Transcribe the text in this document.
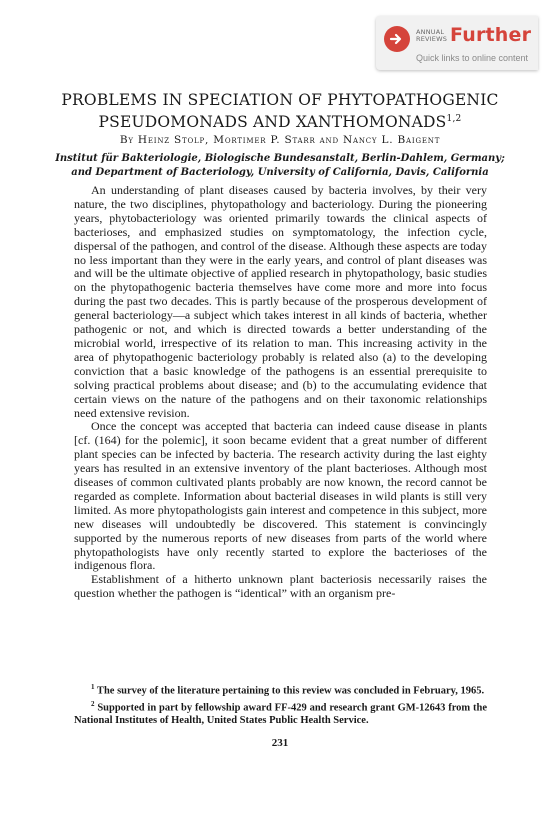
ANNUAL
REVIEWS Further
Quick links to online content
PROBLEMS IN SPECIATION OF PHYTOPATHOGENIC
PSEUDOMONADS AND XANTHOMONADS$^{1,2}$
By Heinz Stolp, Mortimer P. Starr and Nancy L. Baigent
Institut für Bakteriologie, Biologische Bundesanstalt, Berlin-Dahlem, Germany;
and Department of Bacteriology, University of California, Davis, California

An understanding of plant diseases caused by bacteria involves, by their very nature, the two disciplines, phytopathology and bacteriology. During the pioneering years, phytobacteriology was oriented primarily towards the clinical aspects of bacterioses, and emphasized studies on symptomatology, the infection cycle, dispersal of the pathogen, and control of the disease. Although these aspects are today no less important than they were in the early years, and control of plant diseases was and will be the ultimate objective of applied research in phytopathology, basic studies on the phytopathogenic bacteria themselves have come more and more into focus during the past two decades. This is partly because of the prosperous development of general bacteriology—a subject which takes interest in all kinds of bacteria, whether pathogenic or not, and which is directed towards a better understanding of the microbial world, irrespective of its relation to man. This increasing activity in the area of phytopathogenic bacteriology probably is related also (a) to the developing conviction that a basic knowledge of the pathogens is an essential prerequisite to solving practical problems about disease; and (b) to the accumulating evidence that certain views on the nature of the pathogens and on their taxonomic relationships need extensive revision.

Once the concept was accepted that bacteria can indeed cause disease in plants [cf. (164) for the polemic], it soon became evident that a great number of different plant species can be infected by bacteria. The research activity during the last eighty years has resulted in an extensive inventory of the plant bacterioses. Although most diseases of common cultivated plants probably are now known, the record cannot be regarded as complete. Information about bacterial diseases in wild plants is still very limited. As more phytopathologists gain interest and competence in this subject, more new diseases will undoubtedly be discovered. This statement is convincingly supported by the numerous reports of new diseases from parts of the world where phytopathologists have only recently started to explore the bacterioses of the indigenous flora.

Establishment of a hitherto unknown plant bacteriosis necessarily raises the question whether the pathogen is “identical” with an organism pre-

$^1$ The survey of the literature pertaining to this review was concluded in February, 1965.

$^2$ Supported in part by fellowship award FF-429 and research grant GM-12643 from the National Institutes of Health, United States Public Health Service.

231
